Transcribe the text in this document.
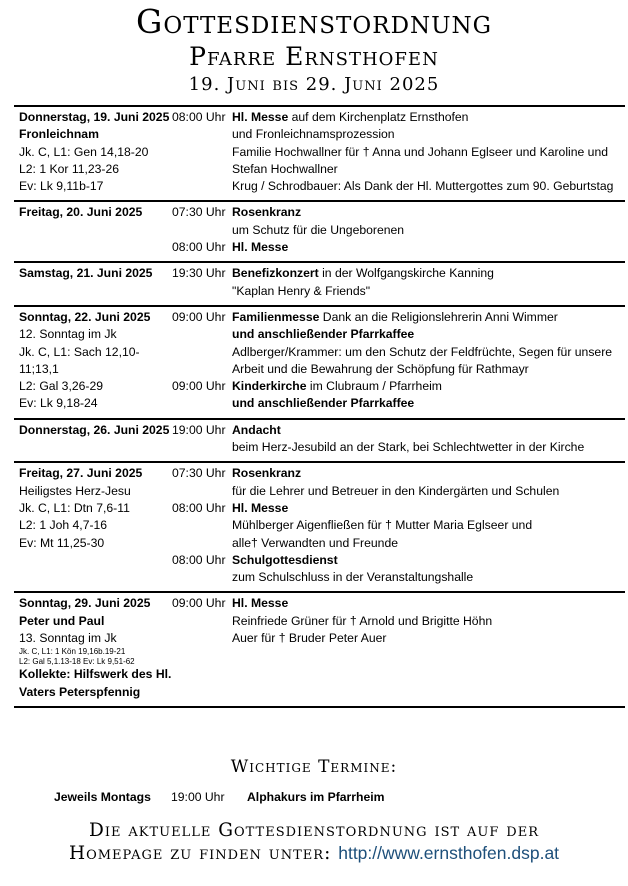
Gottesdienstordnung
Pfarre Ernsthofen
19. Juni bis 29. Juni 2025
Donnerstag, 19. Juni 2025
Fronleichnam
Jk. C, L1: Gen 14,18-20
L2: 1 Kor 11,23-26
Ev: Lk 9,11b-17
08:00 Uhr Hl. Messe auf dem Kirchenplatz Ernsthofen
und Fronleichnamsprozession
Familie Hochwallner für † Anna und Johann Eglseer und Karoline und Stefan Hochwallner
Krug / Schrodbauer: Als Dank der Hl. Muttergottes zum 90. Geburtstag
Freitag, 20. Juni 2025	07:30 Uhr Rosenkranz
um Schutz für die Ungeborenen
08:00 Uhr Hl. Messe
Samstag, 21. Juni 2025	19:30 Uhr Benefizkonzert in der Wolfgangskirche Kanning
"Kaplan Henry & Friends"
Sonntag, 22. Juni 2025
12. Sonntag im Jk
Jk. C, L1: Sach 12,10-11;13,1
L2: Gal 3,26-29
Ev: Lk 9,18-24
09:00 Uhr Familienmesse Dank an die Religionslehrerin Anni Wimmer
und anschließender Pfarrkaffee
Adlberger/Krammer: um den Schutz der Feldfrüchte, Segen für unsere Arbeit und die Bewahrung der Schöpfung für Rathmayr
09:00 Uhr Kinderkirche im Clubraum / Pfarrheim
und anschließender Pfarrkaffee
Donnerstag, 26. Juni 2025 19:00 Uhr Andacht
beim Herz-Jesubild an der Stark, bei Schlechtwetter in der Kirche
Freitag, 27. Juni 2025
Heiligstes Herz-Jesu
Jk. C, L1: Dtn 7,6-11
L2: 1 Joh 4,7-16
Ev: Mt 11,25-30
07:30 Uhr Rosenkranz
für die Lehrer und Betreuer in den Kindergärten und Schulen
08:00 Uhr Hl. Messe
Mühlberger Aigenfließen für † Mutter Maria Eglseer und
alle† Verwandten und Freunde
08:00 Uhr Schulgottesdienst
zum Schulschluss in der Veranstaltungshalle
Sonntag, 29. Juni 2025
Peter und Paul
13. Sonntag im Jk
Jk. C, L1: 1 Kön 19,16b.19-21
L2: Gal 5,1.13-18 Ev: Lk 9,51-62
Kollekte: Hilfswerk des Hl. Vaters Peterspfennig
09:00 Uhr Hl. Messe
Reinfriede Grüner für † Arnold und Brigitte Höhn
Auer für † Bruder Peter Auer
Wichtige Termine:
Jeweils Montags 19:00 Uhr Alphakurs im Pfarrheim
Die aktuelle Gottesdienstordnung ist auf der
Homepage zu finden unter: http://www.ernsthofen.dsp.at
